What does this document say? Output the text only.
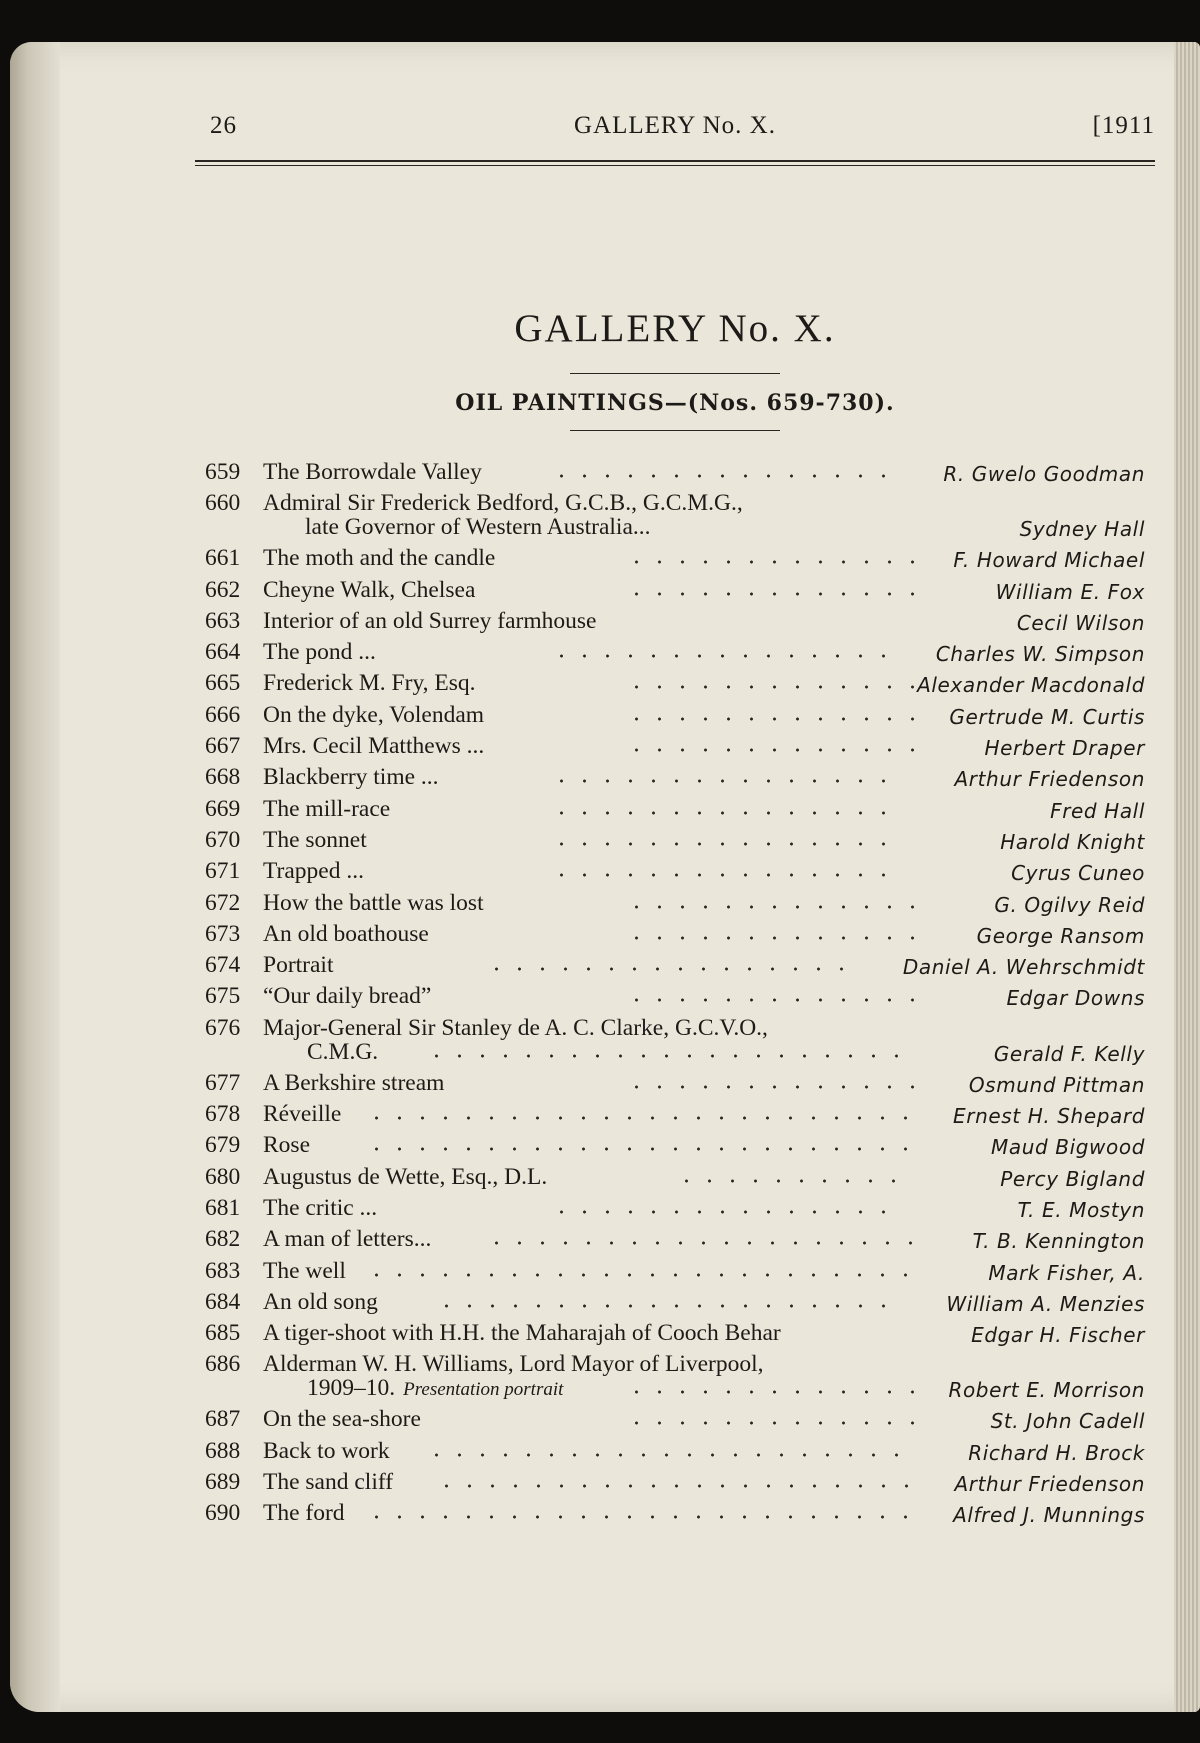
26	GALLERY No. X.	[1911
GALLERY No. X.
OIL PAINTINGS—(Nos. 659-730).
659 The Borrowdale Valley	R. Gwelo Goodman
660 Admiral Sir Frederick Bedford, G.C.B., G.C.M.G.,
late Governor of Western Australia...	Sydney Hall
661 The moth and the candle	F. Howard Michael
662 Cheyne Walk, Chelsea	William E. Fox
663 Interior of an old Surrey farmhouse	Cecil Wilson
664 The pond ...	Charles W. Simpson
665 Frederick M. Fry, Esq.	Alexander Macdonald
666 On the dyke, Volendam	Gertrude M. Curtis
667 Mrs. Cecil Matthews ...	Herbert Draper
668 Blackberry time ...	Arthur Friedenson
669 The mill-race	Fred Hall
670 The sonnet	Harold Knight
671 Trapped ...	Cyrus Cuneo
672 How the battle was lost	G. Ogilvy Reid
673 An old boathouse	George Ransom
674 Portrait	Daniel A. Wehrschmidt
675 “Our daily bread”	Edgar Downs
676 Major-General Sir Stanley de A. C. Clarke, G.C.V.O.,
C.M.G.	Gerald F. Kelly
677 A Berkshire stream	Osmund Pittman
678 Réveille	Ernest H. Shepard
679 Rose	Maud Bigwood
680 Augustus de Wette, Esq., D.L.	Percy Bigland
681 The critic ...	T. E. Mostyn
682 A man of letters...	T. B. Kennington
683 The well	Mark Fisher, A.
684 An old song	William A. Menzies
685 A tiger-shoot with H.H. the Maharajah of Cooch Behar	Edgar H. Fischer
686 Alderman W. H. Williams, Lord Mayor of Liverpool,
1909–10. Presentation portrait	Robert E. Morrison
687 On the sea-shore	St. John Cadell
688 Back to work	Richard H. Brock
689 The sand cliff	Arthur Friedenson
690 The ford	Alfred J. Munnings
